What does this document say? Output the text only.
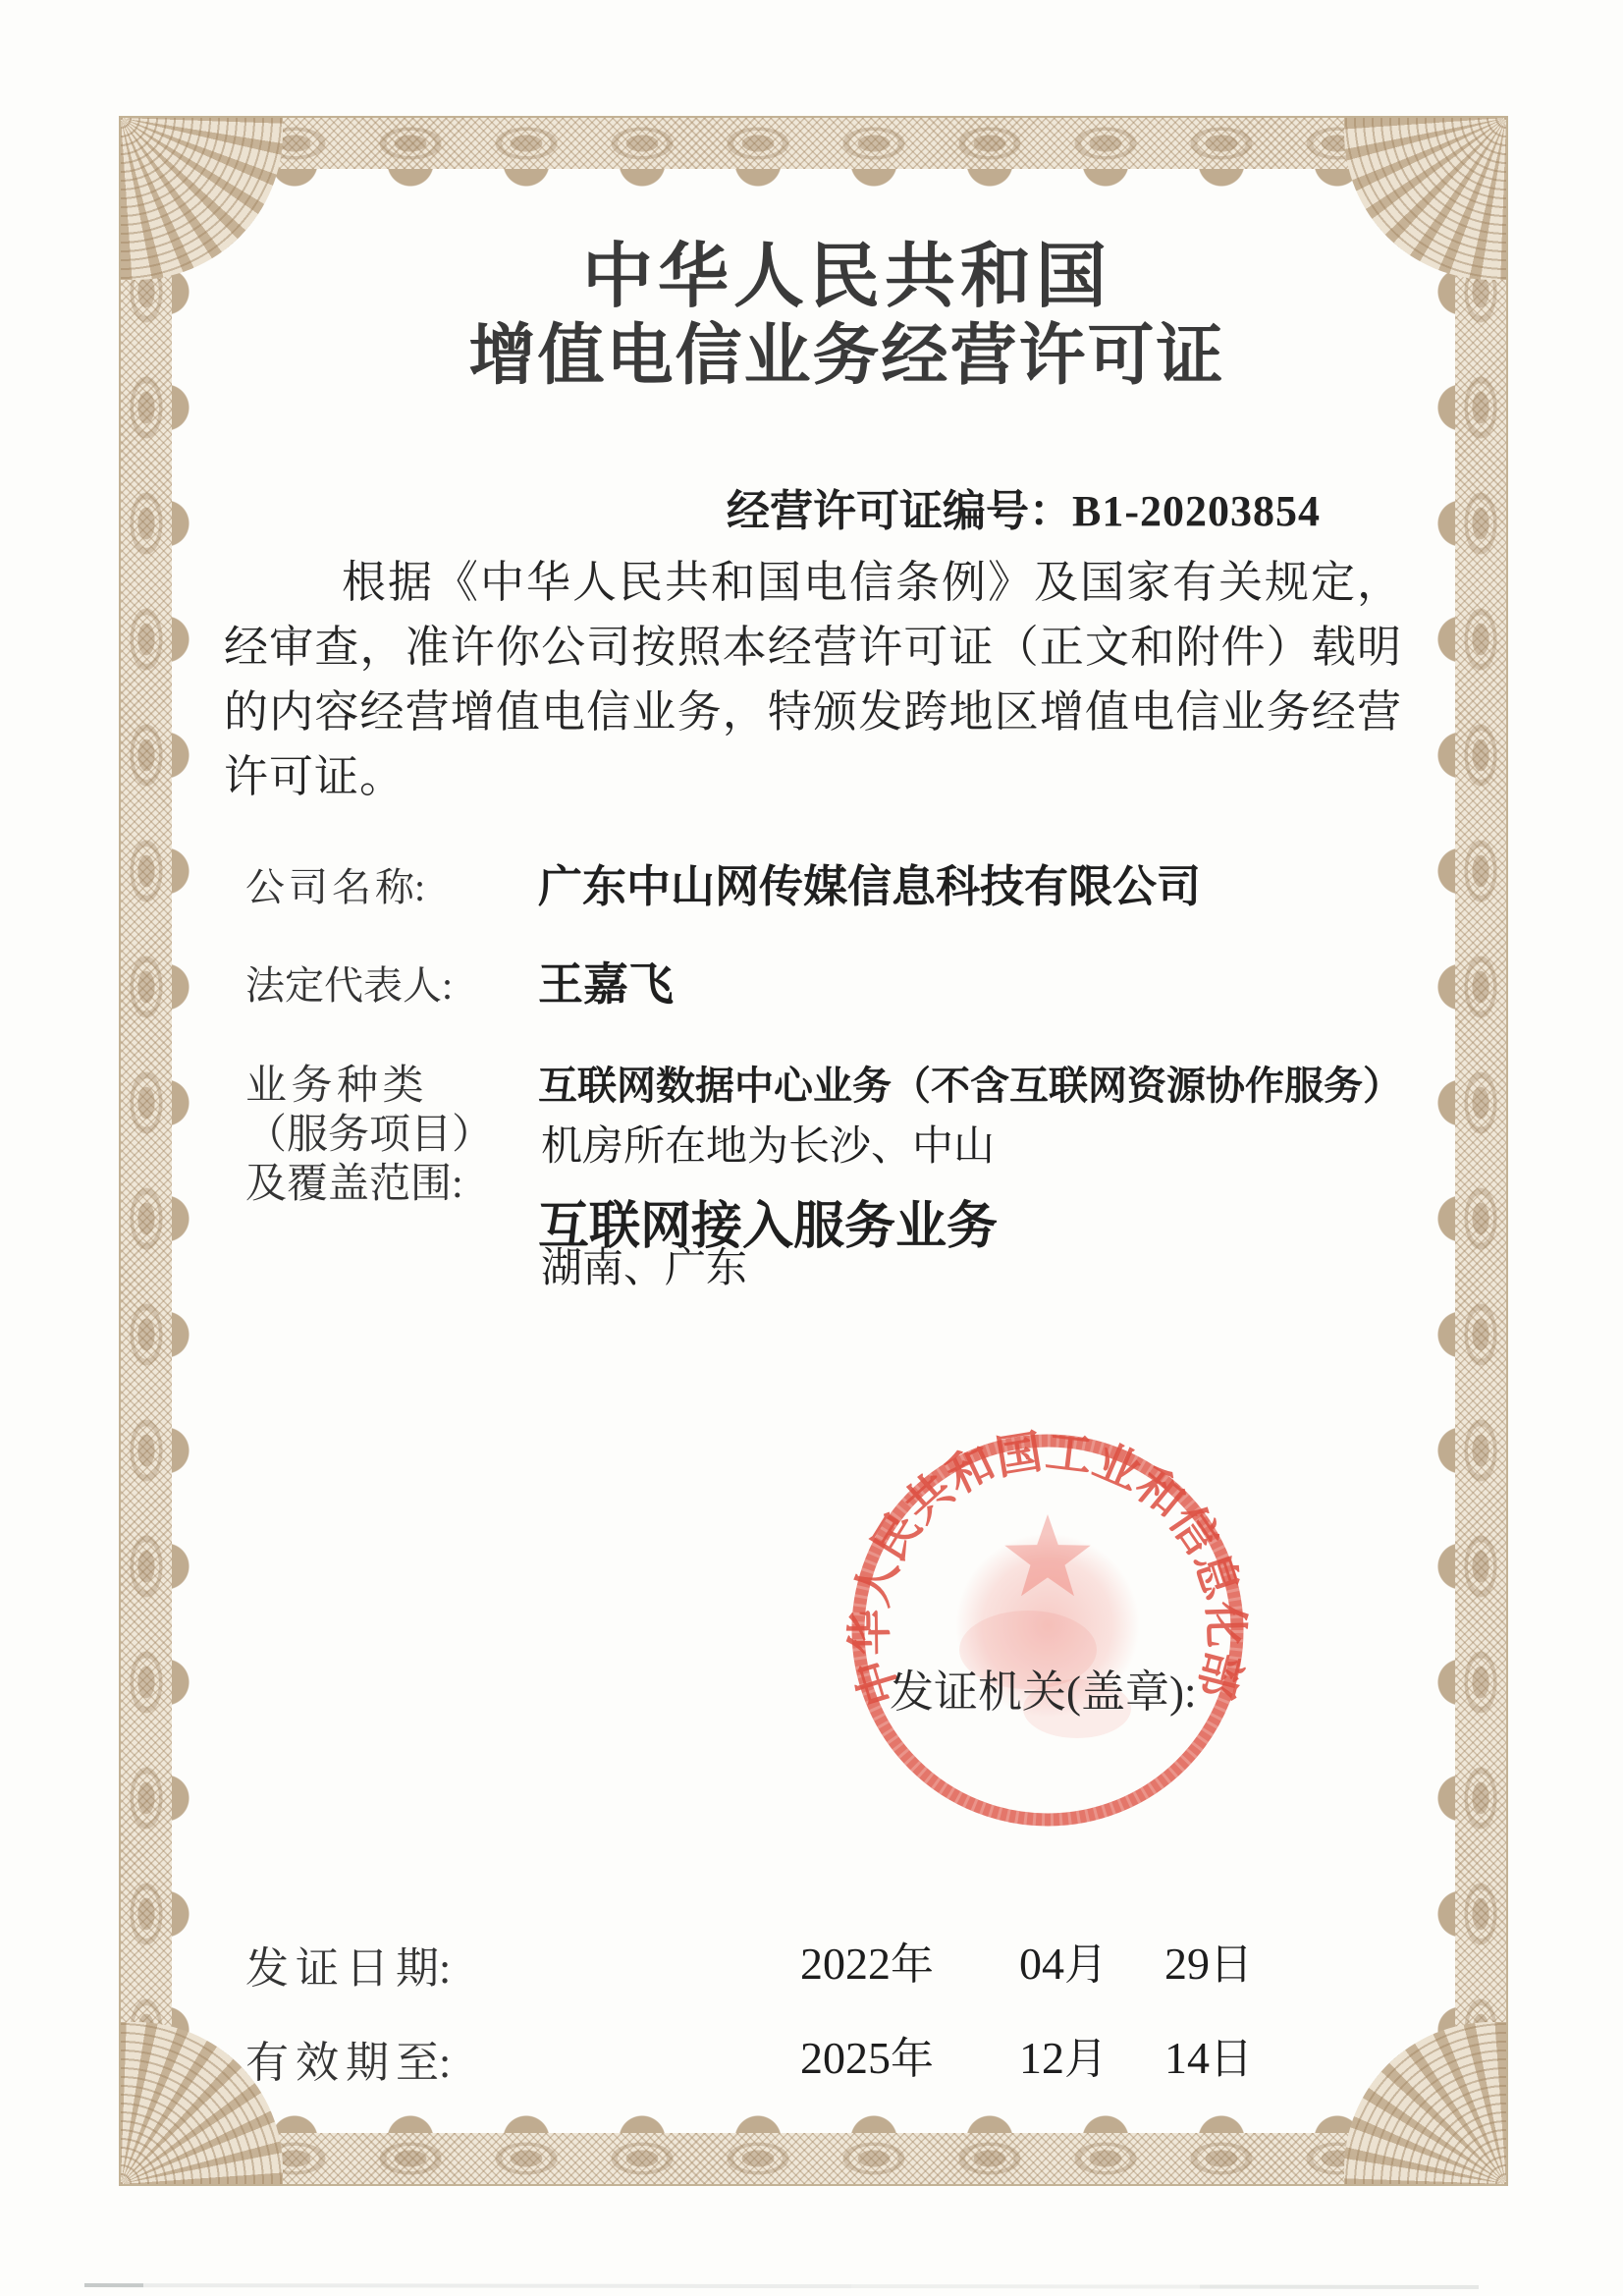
中华人民共和国
增值电信业务经营许可证
经营许可证编号：B1-20203854
根据《中华人民共和国电信条例》及国家有关规定，经审查，准许你公司按照本经营许可证（正文和附件）载明的内容经营增值电信业务，特颁发跨地区增值电信业务经营许可证。
公 司 名 称:	广东中山网传媒信息科技有限公司
法定代表人: 王嘉飞
业 务 种 类
（服务项目）
及覆盖范围:
互联网数据中心业务（不含互联网资源协作服务）
机房所在地为长沙、中山
互联网接入服务业务
湖南、广东
中华人民共和国工业和信息化部
发证机关(盖章):
发 证 日 期:	2022年 04月 29日
有 效 期 至:	2025年 12月 14日
